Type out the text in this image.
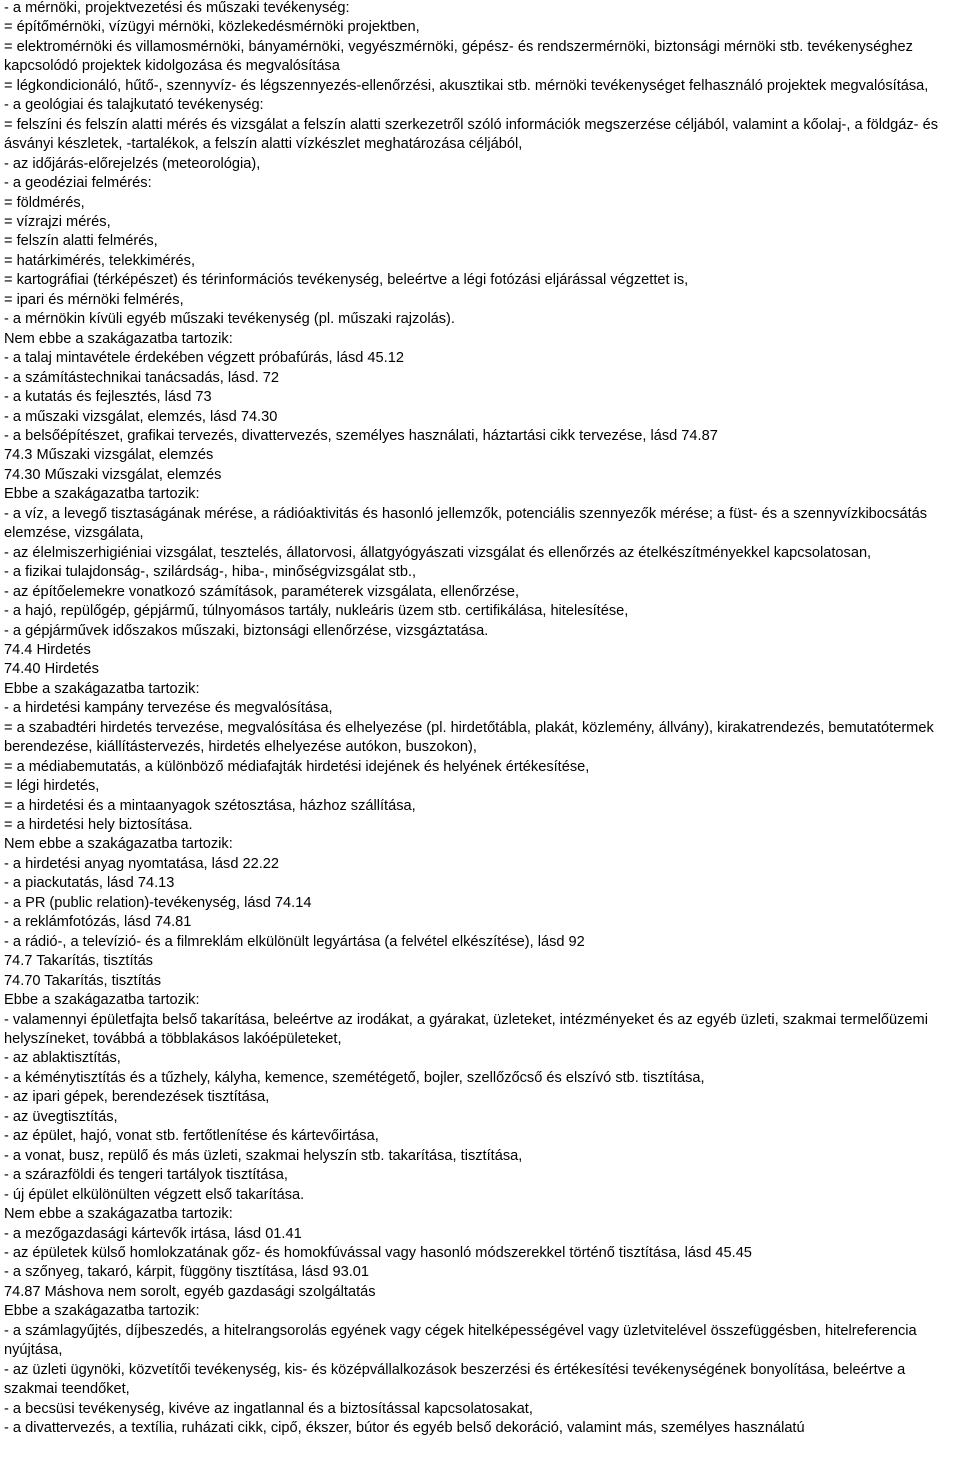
- a mérnöki, projektvezetési és műszaki tevékenység:

= építőmérnöki, vízügyi mérnöki, közlekedésmérnöki projektben,

= elektromérnöki és villamosmérnöki, bányamérnöki, vegyészmérnöki, gépész- és rendszermérnöki, biztonsági mérnöki stb. tevékenységhez kapcsolódó projektek kidolgozása és megvalósítása

= légkondicionáló, hűtő-, szennyvíz- és légszennyezés-ellenőrzési, akusztikai stb. mérnöki tevékenységet felhasználó projektek megvalósítása,

- a geológiai és talajkutató tevékenység:

= felszíni és felszín alatti mérés és vizsgálat a felszín alatti szerkezetről szóló információk megszerzése céljából, valamint a kőolaj-, a földgáz- és ásványi készletek, -tartalékok, a felszín alatti vízkészlet meghatározása céljából,

- az időjárás-előrejelzés (meteorológia),

- a geodéziai felmérés:

= földmérés,

= vízrajzi mérés,

= felszín alatti felmérés,

= határkimérés, telekkimérés,

= kartográfiai (térképészet) és térinformációs tevékenység, beleértve a légi fotózási eljárással végzettet is,

= ipari és mérnöki felmérés,

- a mérnökin kívüli egyéb műszaki tevékenység (pl. műszaki rajzolás).

Nem ebbe a szakágazatba tartozik:

- a talaj mintavétele érdekében végzett próbafúrás, lásd 45.12

- a számítástechnikai tanácsadás, lásd. 72

- a kutatás és fejlesztés, lásd 73

- a műszaki vizsgálat, elemzés, lásd 74.30

- a belsőépítészet, grafikai tervezés, divattervezés, személyes használati, háztartási cikk tervezése, lásd 74.87

74.3 Műszaki vizsgálat, elemzés

74.30 Műszaki vizsgálat, elemzés

Ebbe a szakágazatba tartozik:

- a víz, a levegő tisztaságának mérése, a rádióaktivitás és hasonló jellemzők, potenciális szennyezők mérése; a füst- és a szennyvízkibocsátás elemzése, vizsgálata,

- az élelmiszerhigiéniai vizsgálat, tesztelés, állatorvosi, állatgyógyászati vizsgálat és ellenőrzés az ételkészítményekkel kapcsolatosan,

- a fizikai tulajdonság-, szilárdság-, hiba-, minőségvizsgálat stb.,

- az építőelemekre vonatkozó számítások, paraméterek vizsgálata, ellenőrzése,

- a hajó, repülőgép, gépjármű, túlnyomásos tartály, nukleáris üzem stb. certifikálása, hitelesítése,

- a gépjárművek időszakos műszaki, biztonsági ellenőrzése, vizsgáztatása.

74.4 Hirdetés

74.40 Hirdetés

Ebbe a szakágazatba tartozik:

- a hirdetési kampány tervezése és megvalósítása,

= a szabadtéri hirdetés tervezése, megvalósítása és elhelyezése (pl. hirdetőtábla, plakát, közlemény, állvány), kirakatrendezés, bemutatótermek berendezése, kiállítástervezés, hirdetés elhelyezése autókon, buszokon),

= a médiabemutatás, a különböző médiafajták hirdetési idejének és helyének értékesítése,

= légi hirdetés,

= a hirdetési és a mintaanyagok szétosztása, házhoz szállítása,

= a hirdetési hely biztosítása.

Nem ebbe a szakágazatba tartozik:

- a hirdetési anyag nyomtatása, lásd 22.22

- a piackutatás, lásd 74.13

- a PR (public relation)-tevékenység, lásd 74.14

- a reklámfotózás, lásd 74.81

- a rádió-, a televízió- és a filmreklám elkülönült legyártása (a felvétel elkészítése), lásd 92

74.7 Takarítás, tisztítás

74.70 Takarítás, tisztítás

Ebbe a szakágazatba tartozik:

- valamennyi épületfajta belső takarítása, beleértve az irodákat, a gyárakat, üzleteket, intézményeket és az egyéb üzleti, szakmai termelőüzemi helyszíneket, továbbá a többlakásos lakóépületeket,

- az ablaktisztítás,

- a kéménytisztítás és a tűzhely, kályha, kemence, szemétégető, bojler, szellőzőcső és elszívó stb. tisztítása,

- az ipari gépek, berendezések tisztítása,

- az üvegtisztítás,

- az épület, hajó, vonat stb. fertőtlenítése és kártevőirtása,

- a vonat, busz, repülő és más üzleti, szakmai helyszín stb. takarítása, tisztítása,

- a szárazföldi és tengeri tartályok tisztítása,

- új épület elkülönülten végzett első takarítása.

Nem ebbe a szakágazatba tartozik:

- a mezőgazdasági kártevők irtása, lásd 01.41

- az épületek külső homlokzatának gőz- és homokfúvással vagy hasonló módszerekkel történő tisztítása, lásd 45.45

- a szőnyeg, takaró, kárpit, függöny tisztítása, lásd 93.01

74.87 Máshova nem sorolt, egyéb gazdasági szolgáltatás

Ebbe a szakágazatba tartozik:

- a számlagyűjtés, díjbeszedés, a hitelrangsorolás egyének vagy cégek hitelképességével vagy üzletvitelével összefüggésben, hitelreferencia nyújtása,

- az üzleti ügynöki, közvetítői tevékenység, kis- és középvállalkozások beszerzési és értékesítési tevékenységének bonyolítása, beleértve a szakmai teendőket,

- a becsüsi tevékenység, kivéve az ingatlannal és a biztosítással kapcsolatosakat,

- a divattervezés, a textília, ruházati cikk, cipő, ékszer, bútor és egyéb belső dekoráció, valamint más, személyes használatú
